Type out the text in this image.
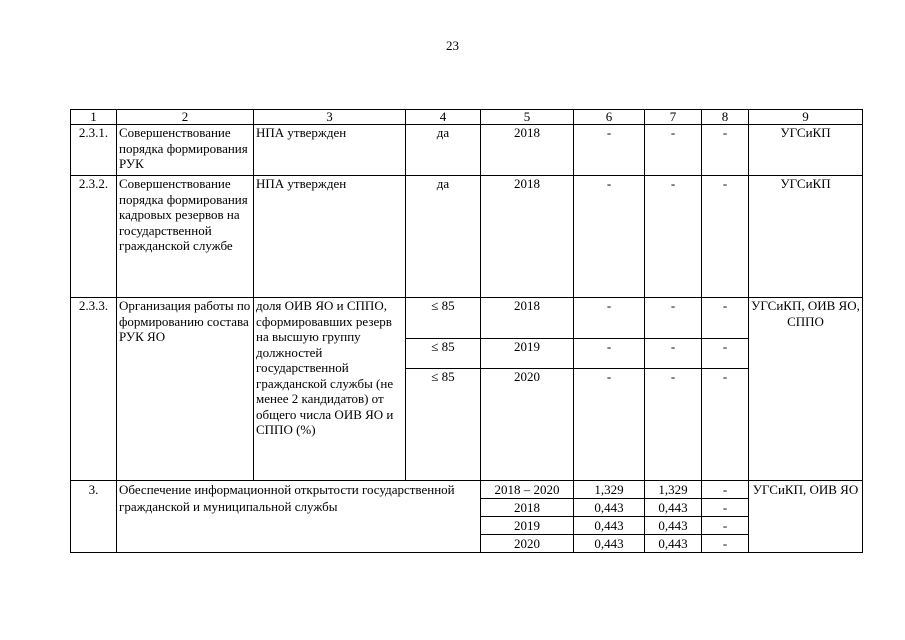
23
1	2	3	4	5	6	7	8	9
2.3.1.	Совершенствование порядка формирования РУК	НПА утвержден	да	2018	-	-	-	УГСиКП
2.3.2.	Совершенствование порядка формирования кадровых резервов на государственной гражданской службе	НПА утвержден	да	2018	-	-	-	УГСиКП
2.3.3.	Организация работы по формированию состава РУК ЯО	доля ОИВ ЯО и СППО, сформировавших резерв на высшую группу должностей государственной гражданской службы (не менее 2 кандидатов) от общего числа ОИВ ЯО и СППО (%)	≤ 85	2018	-	-	-	УГСиКП, ОИВ ЯО, СППО
			≤ 85	2019	-	-	-	
			≤ 85	2020	-	-	-	
3.	Обеспечение информационной открытости государственной гражданской и муниципальной службы			2018 – 2020	1,329	1,329	-	УГСиКП, ОИВ ЯО
				2018	0,443	0,443	-	
				2019	0,443	0,443	-	
				2020	0,443	0,443	-	
